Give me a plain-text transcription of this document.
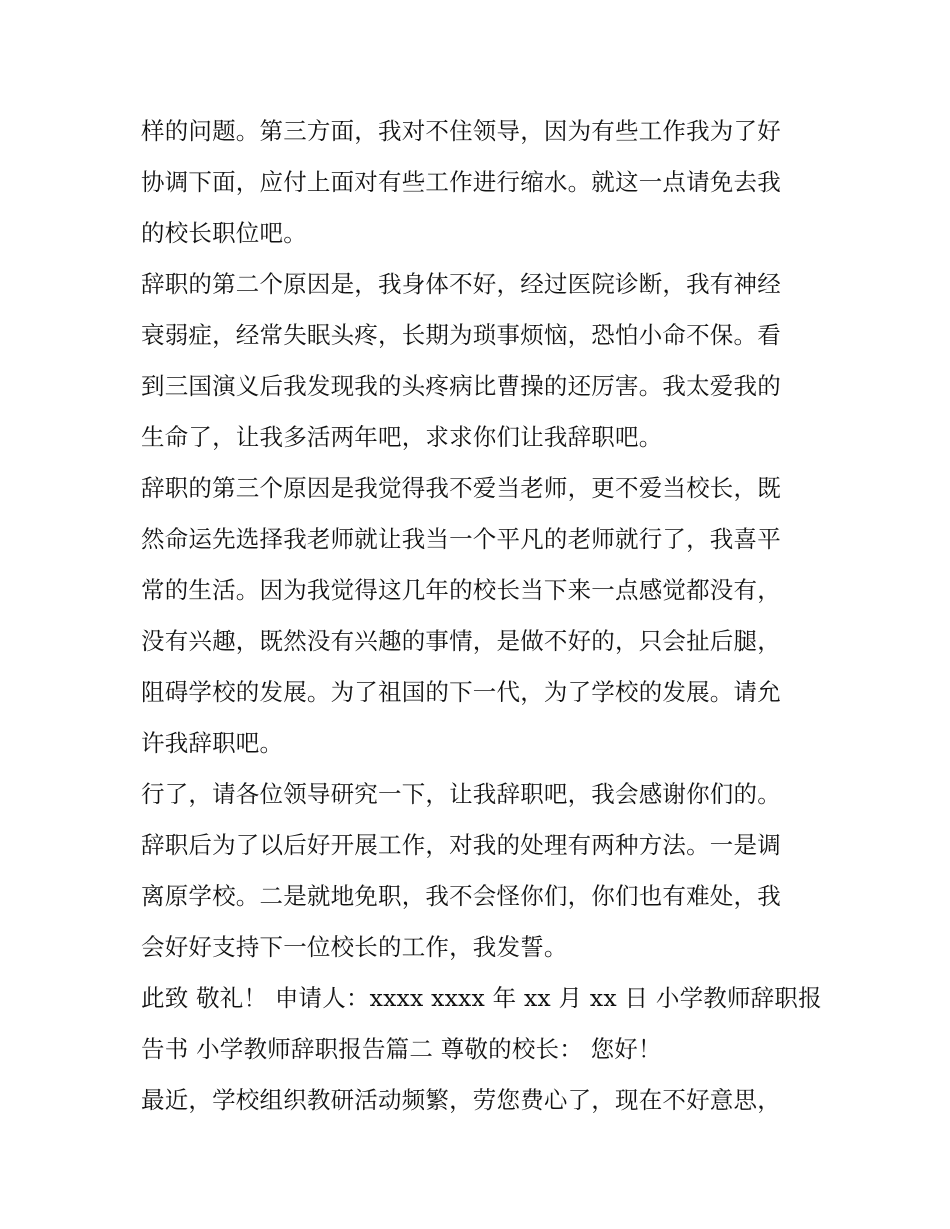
样的问题。第三方面，我对不住领导，因为有些工作我为了好
协调下面，应付上面对有些工作进行缩水。就这一点请免去我
的校长职位吧。
辞职的第二个原因是，我身体不好，经过医院诊断，我有神经
衰弱症，经常失眠头疼，长期为琐事烦恼，恐怕小命不保。看
到三国演义后我发现我的头疼病比曹操的还厉害。我太爱我的
生命了，让我多活两年吧，求求你们让我辞职吧。
辞职的第三个原因是我觉得我不爱当老师，更不爱当校长，既
然命运先选择我老师就让我当一个平凡的老师就行了，我喜平
常的生活。因为我觉得这几年的校长当下来一点感觉都没有，
没有兴趣，既然没有兴趣的事情，是做不好的，只会扯后腿，
阻碍学校的发展。为了祖国的下一代，为了学校的发展。请允
许我辞职吧。
行了，请各位领导研究一下，让我辞职吧，我会感谢你们的。
辞职后为了以后好开展工作，对我的处理有两种方法。一是调
离原学校。二是就地免职，我不会怪你们，你们也有难处，我
会好好支持下一位校长的工作，我发誓。
此致 敬礼！ 申请人：xxxx xxxx 年 xx 月 xx 日 小学教师辞职报
告书 小学教师辞职报告篇二 尊敬的校长： 您好！
最近，学校组织教研活动频繁，劳您费心了，现在不好意思，
